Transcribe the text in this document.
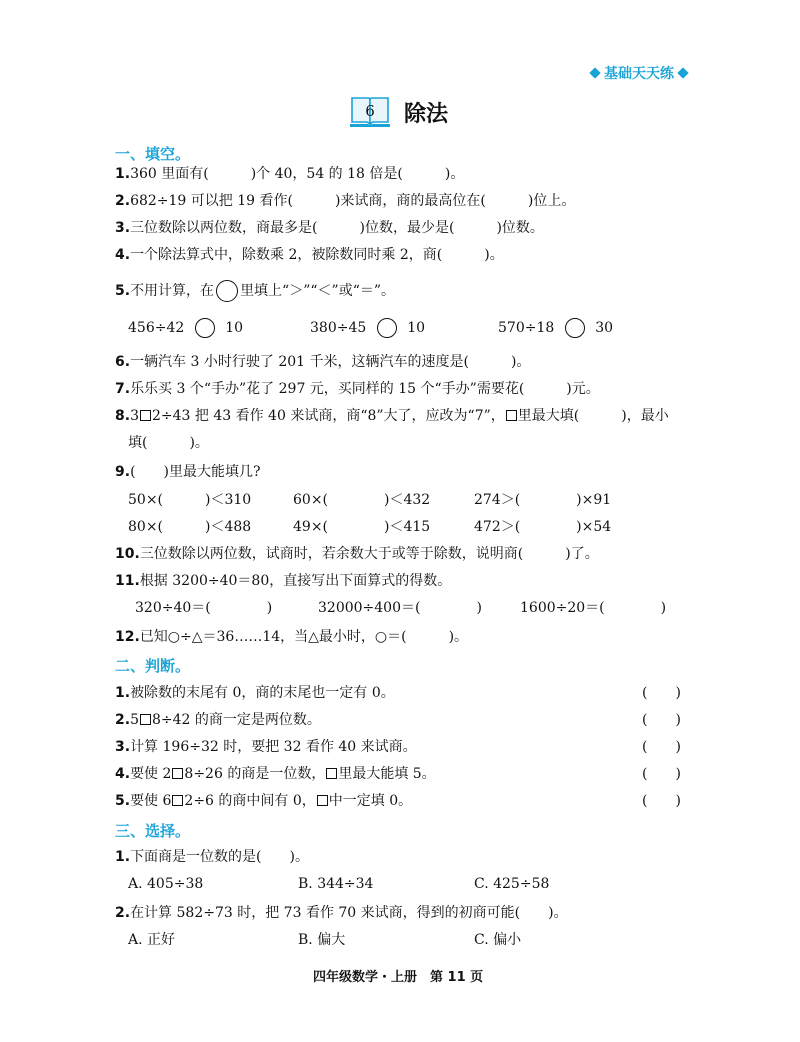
基础天天练
6 除法
一、填空。
1.360 里面有(　　　)个 40，54 的 18 倍是(　　　)。
2.682÷19 可以把 19 看作(　　　)来试商，商的最高位在(　　　)位上。
3.三位数除以两位数，商最多是(　　　)位数，最少是(　　　)位数。
4.一个除法算式中，除数乘 2，被除数同时乘 2，商(　　　)。
5.不用计算，在 里填上“＞”“＜”或“＝”。
456÷42	10	380÷45	10	570÷18	30
6.一辆汽车 3 小时行驶了 201 千米，这辆汽车的速度是(　　　)。
7.乐乐买 3 个“手办”花了 297 元，买同样的 15 个“手办”需要花(　　　)元。
8.3 2÷43 把 43 看作 40 来试商，商“8”大了，应改为“7”， 里最大填(　　　)，最小
填(　　　)。
9.(　　)里最大能填几?
50×(　　　)＜310	60×(　　　　)＜432	274＞(　　　　)×91
80×(　　　)＜488	49×(　　　　)＜415	472＞(　　　　)×54
10.三位数除以两位数，试商时，若余数大于或等于除数，说明商(　　　)了。
11.根据 3200÷40＝80，直接写出下面算式的得数。
320÷40＝(　　　　)	32000÷400＝(　　　　)	1600÷20＝(　　　　)
12.已知○÷△＝36……14，当△最小时，○＝(　　　)。
二、判断。
1.被除数的末尾有 0，商的末尾也一定有 0。	(　　)
2.5 8÷42 的商一定是两位数。	(　　)
3.计算 196÷32 时，要把 32 看作 40 来试商。	(　　)
4.要使 2 8÷26 的商是一位数， 里最大能填 5。	(　　)
5.要使 6 2÷6 的商中间有 0， 中一定填 0。	(　　)
三、选择。
1.下面商是一位数的是(　　)。
A. 405÷38	B. 344÷34	C. 425÷58
2.在计算 582÷73 时，把 73 看作 70 来试商，得到的初商可能(　　)。
A. 正好	B. 偏大	C. 偏小
四年级数学・上册　第 11 页
